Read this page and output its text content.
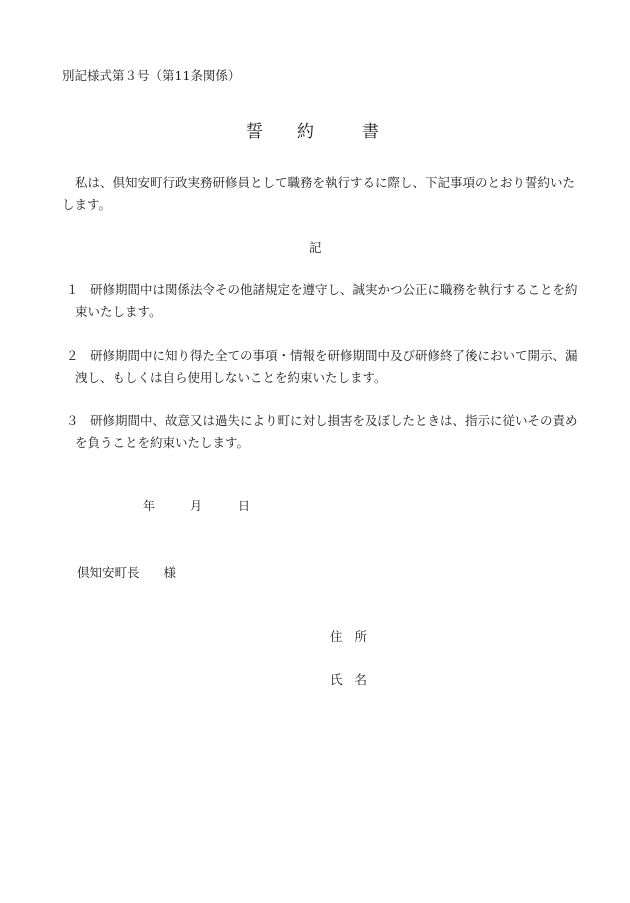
別記様式第３号（第11条関係）
誓 約	書
私は、倶知安町行政実務研修員として職務を執行するに際し、下記事項のとおり誓約いたします。
記
１ 研修期間中は関係法令その他諸規定を遵守し、誠実かつ公正に職務を執行することを約束いたします。
２ 研修期間中に知り得た全ての事項・情報を研修期間中及び研修終了後において開示、漏洩し、もしくは自ら使用しないことを約束いたします。
３ 研修期間中、故意又は過失により町に対し損害を及ぼしたときは、指示に従いその責めを負うことを約束いたします。
年	月	日
倶知安町長 様
住 所
氏 名
